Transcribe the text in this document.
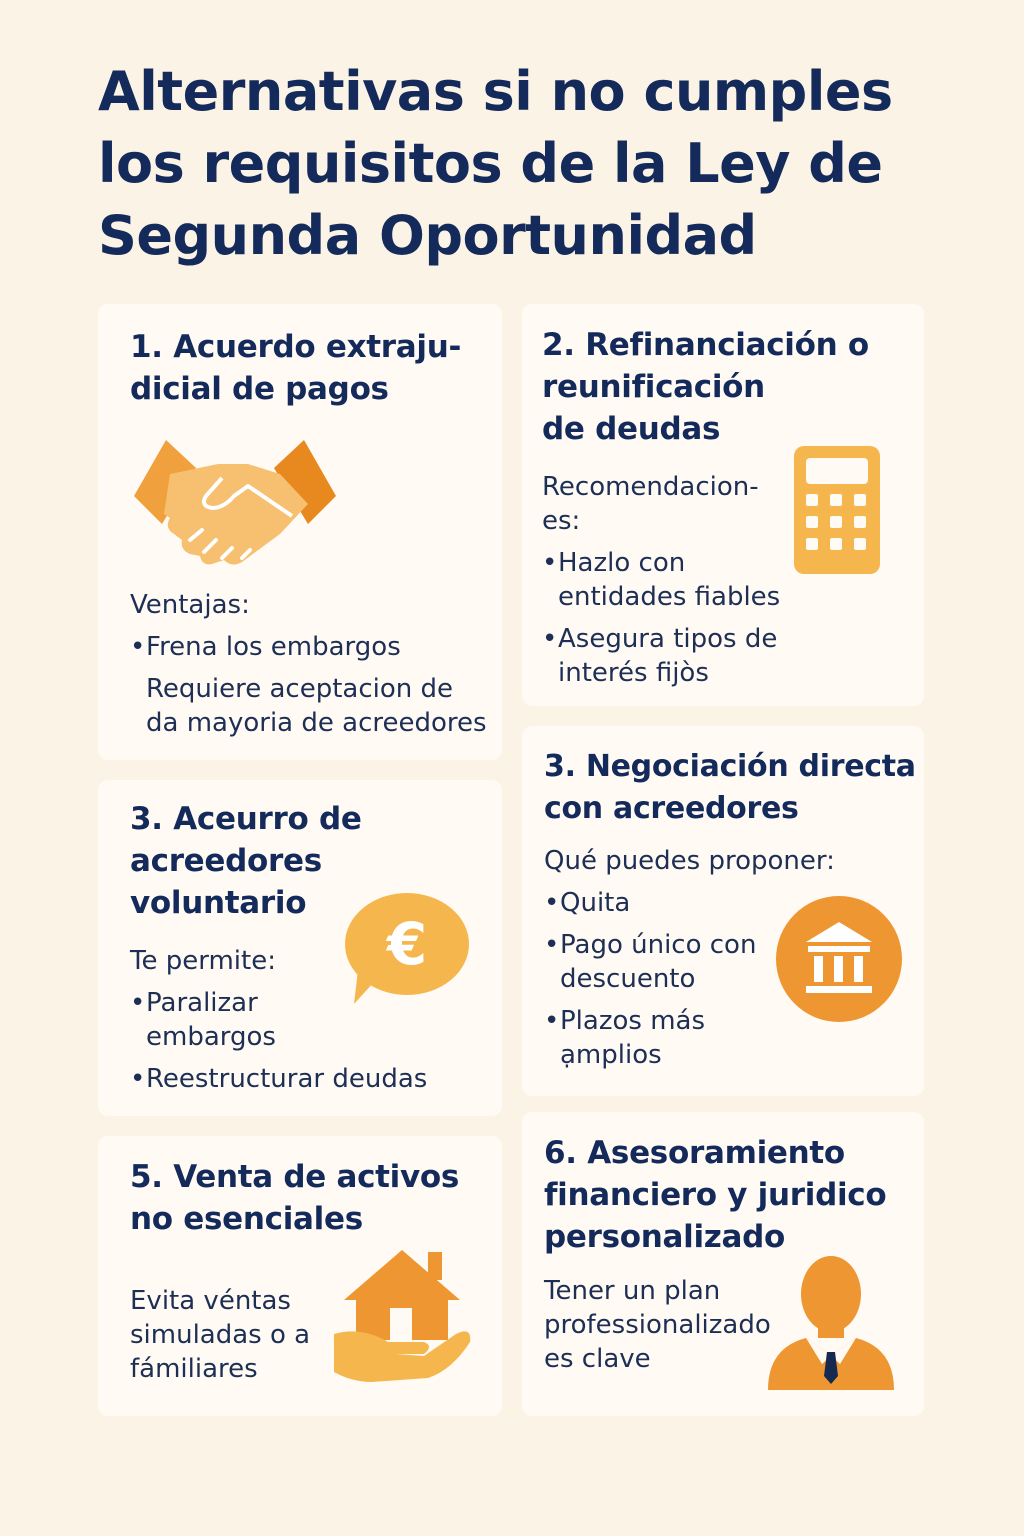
Alternativas si no cumples los requisitos de la Ley de Segunda Oportunidad
1. Acuerdo extraju-
dicial de pagos

Ventajas:

• Frena los embargos
Requiere aceptacion de da mayoria de acreedores
2. Refinanciación o
reunificación
de deudas

Recomendacion-es:

• Hazlo con entidades fiables
• Asegura tipos de interés fijòs
3. Aceurro de
acreedores
voluntario
€

Te permite:

• Paralizar embargos
• Reestructurar deudas
3. Negociación directa
con acreedores

Qué puedes proponer:

• Quita
• Pago único con descuento
• Plazos más ạmplios
5. Venta de activos
no esenciales
Evita véntas simuladas o a fámiliares
6. Asesoramiento
financiero y juridico
personalizado
Tener un plan professionalizado es clave
